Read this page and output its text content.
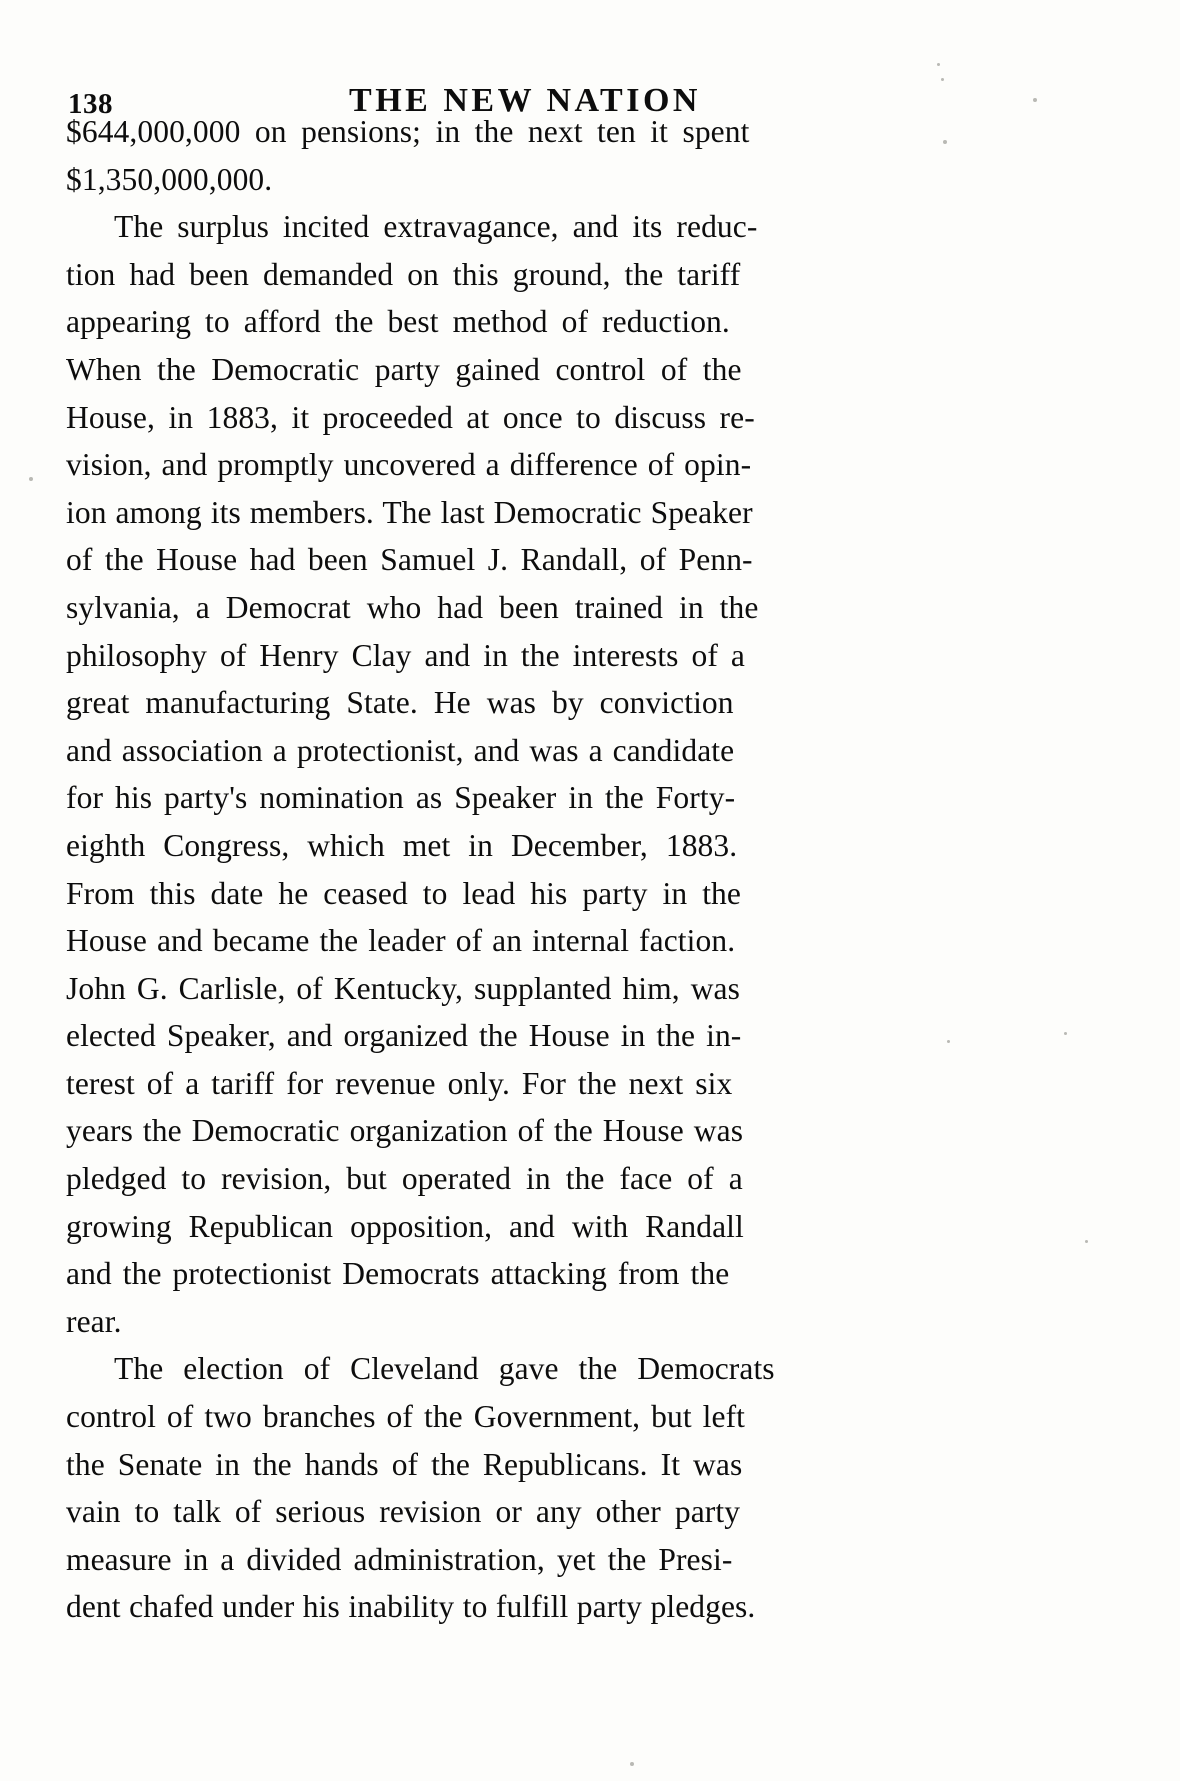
138	THE NEW NATION
$644,000,000 on pensions; in the next ten it spent
$1,350,000,000.
The surplus incited extravagance, and its reduc-
tion had been demanded on this ground, the tariff
appearing to afford the best method of reduction.
When the Democratic party gained control of the
House, in 1883, it proceeded at once to discuss re-
vision, and promptly uncovered a difference of opin-
ion among its members. The last Democratic Speaker
of the House had been Samuel J. Randall, of Penn-
sylvania, a Democrat who had been trained in the
philosophy of Henry Clay and in the interests of a
great manufacturing State. He was by conviction
and association a protectionist, and was a candidate
for his party's nomination as Speaker in the Forty-
eighth Congress, which met in December, 1883.
From this date he ceased to lead his party in the
House and became the leader of an internal faction.
John G. Carlisle, of Kentucky, supplanted him, was
elected Speaker, and organized the House in the in-
terest of a tariff for revenue only. For the next six
years the Democratic organization of the House was
pledged to revision, but operated in the face of a
growing Republican opposition, and with Randall
and the protectionist Democrats attacking from the
rear.
The election of Cleveland gave the Democrats
control of two branches of the Government, but left
the Senate in the hands of the Republicans. It was
vain to talk of serious revision or any other party
measure in a divided administration, yet the Presi-
dent chafed under his inability to fulfill party pledges.
